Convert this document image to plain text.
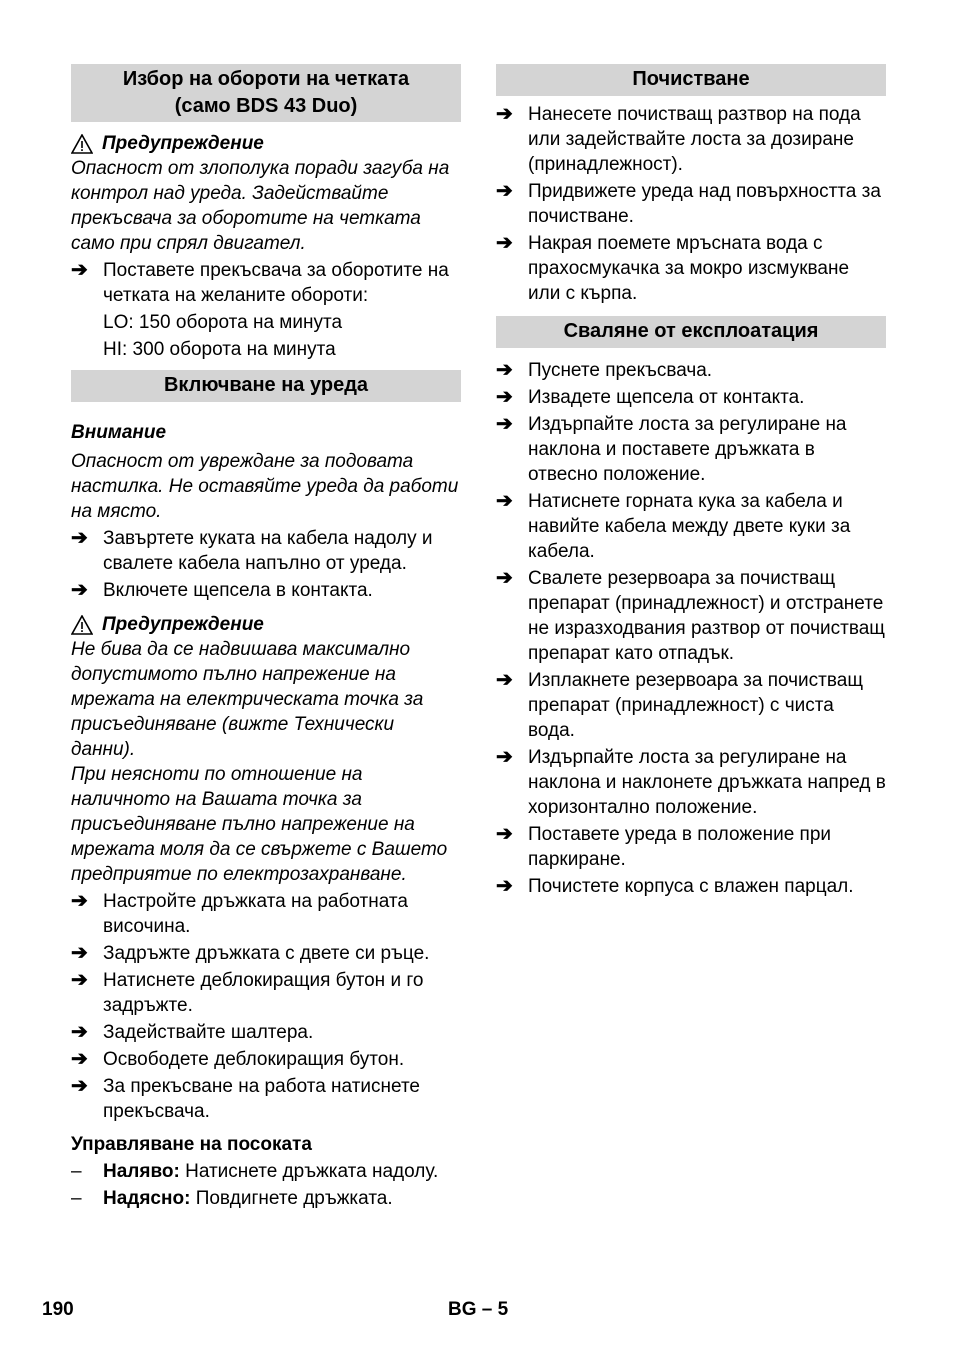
Избор на обороти на четката
(само BDS 43 Duo)
Предупреждение
Опасност от злополука поради загуба на контрол над уреда. Задействайте прекъсвача за оборотите на четката само при спрял двигател.
➔ Поставете прекъсвача за оборотите на четката на желаните обороти:
LO: 150 оборота на минута
HI: 300 оборота на минута
Включване на уреда
Внимание
Опасност от увреждане за подовата настилка. Не оставяйте уреда да работи на място.
➔ Завъртете куката на кабела надолу и свалете кабела напълно от уреда.
➔ Включете щепсела в контакта.
Предупреждение
Не бива да се надвишава максимално допустимото пълно напрежение на мрежата на електрическата точка за присъединяване (вижте Технически данни).
При неясноти по отношение на наличното на Вашата точка за присъединяване пълно напрежение на мрежата моля да се свържете с Вашето предприятие по електрозахранване.
➔ Настройте дръжката на работната височина.
➔ Задръжте дръжката с двете си ръце.
➔ Натиснете деблокиращия бутон и го задръжте.
➔ Задействайте шалтера.
➔ Освободете деблокиращия бутон.
➔ За прекъсване на работа натиснете прекъсвача.
Управляване на посоката
– Наляво: Натиснете дръжката надолу.
– Надясно: Повдигнете дръжката.
Почистване
➔ Нанесете почистващ разтвор на пода или задействайте лоста за дозиране (принадлежност).
➔ Придвижете уреда над повърхността за почистване.
➔ Накрая поемете мръсната вода с прахосмукачка за мокро изсмукване или с кърпа.
Сваляне от експлоатация
➔ Пуснете прекъсвача.
➔ Извадете щепсела от контакта.
➔ Издърпайте лоста за регулиране на наклона и поставете дръжката в отвесно положение.
➔ Натиснете горната кука за кабела и навийте кабела между двете куки за кабела.
➔ Свалете резервоара за почистващ препарат (принадлежност) и отстранете не изразходвания разтвор от почистващ препарат като отпадък.
➔ Изплакнете резервоара за почистващ препарат (принадлежност) с чиста вода.
➔ Издърпайте лоста за регулиране на наклона и наклонете дръжката напред в хоризонтално положение.
➔ Поставете уреда в положение при паркиране.
➔ Почистете корпуса с влажен парцал.
190	BG – 5
